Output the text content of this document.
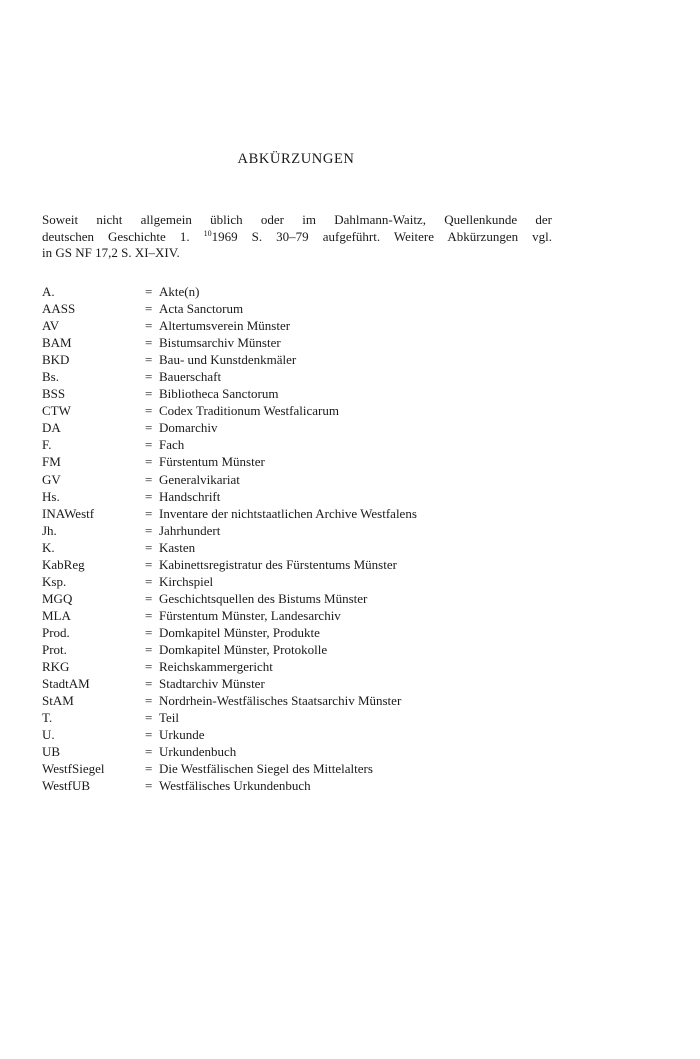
ABKÜRZUNGEN

Soweit nicht allgemein üblich oder im Dahlmann-Waitz, Quellenkunde der

deutschen Geschichte 1. $^{10}$1969 S. 30–79 aufgeführt. Weitere Abkürzungen vgl.

in GS NF 17,2 S. XI–XIV.

A.	= Akte(n)
AASS	= Acta Sanctorum
AV	= Altertumsverein Münster
BAM	= Bistumsarchiv Münster
BKD	= Bau- und Kunstdenkmäler
Bs.	= Bauerschaft
BSS	= Bibliotheca Sanctorum
CTW	= Codex Traditionum Westfalicarum
DA	= Domarchiv
F.	= Fach
FM	= Fürstentum Münster
GV	= Generalvikariat
Hs.	= Handschrift
INAWestf	= Inventare der nichtstaatlichen Archive Westfalens
Jh.	= Jahrhundert
K.	= Kasten
KabReg	= Kabinettsregistratur des Fürstentums Münster
Ksp.	= Kirchspiel
MGQ	= Geschichtsquellen des Bistums Münster
MLA	= Fürstentum Münster, Landesarchiv
Prod.	= Domkapitel Münster, Produkte
Prot.	= Domkapitel Münster, Protokolle
RKG	= Reichskammergericht
StadtAM	= Stadtarchiv Münster
StAM	= Nordrhein-Westfälisches Staatsarchiv Münster
T.	= Teil
U.	= Urkunde
UB	= Urkundenbuch
WestfSiegel	= Die Westfälischen Siegel des Mittelalters
WestfUB	= Westfälisches Urkundenbuch
